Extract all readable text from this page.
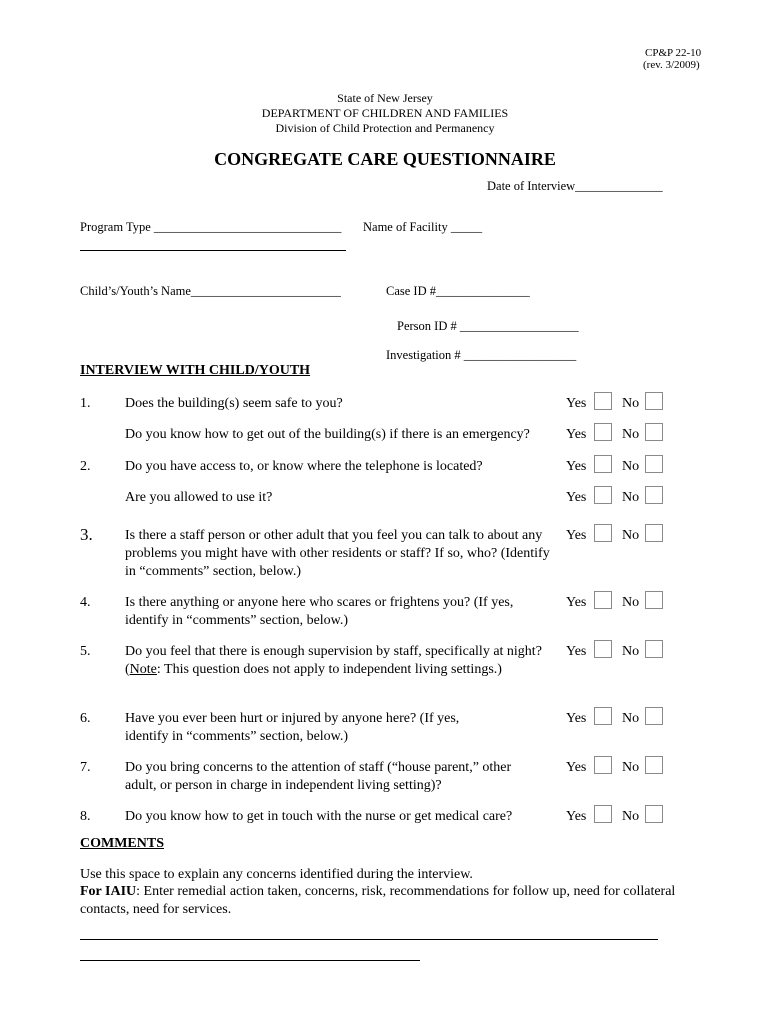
CP&P 22-10
(rev. 3/2009)
State of New Jersey
DEPARTMENT OF CHILDREN AND FAMILIES
Division of Child Protection and Permanency
CONGREGATE CARE QUESTIONNAIRE
Date of Interview______________
Program Type ______________________________ Name of Facility _____
Child’s/Youth’s Name________________________	Case ID #_______________
Person ID # ___________________
Investigation # __________________
INTERVIEW WITH CHILD/YOUTH
1. Does the building(s) seem safe to you?	Yes	No
Do you know how to get out of the building(s) if there is an emergency?	Yes	No
2. Do you have access to, or know where the telephone is located?	Yes	No
Are you allowed to use it?	Yes	No
3. Is there a staff person or other adult that you feel you can talk to about any problems you might have with other residents or staff? If so, who? (Identify in “comments” section, below.)
Yes	No
4. Is there anything or anyone here who scares or frightens you? (If yes, identify in “comments” section, below.)
Yes	No
5. Do you feel that there is enough supervision by staff, specifically at night? (Note: This question does not apply to independent living settings.)
Yes	No
6. Have you ever been hurt or injured by anyone here? (If yes, identify in “comments” section, below.)
Yes	No
7. Do you bring concerns to the attention of staff (“house parent,” other adult, or person in charge in independent living setting)?
Yes	No
8. Do you know how to get in touch with the nurse or get medical care?	Yes	No
COMMENTS
Use this space to explain any concerns identified during the interview.
For IAIU: Enter remedial action taken, concerns, risk, recommendations for follow up, need for collateral contacts, need for services.
